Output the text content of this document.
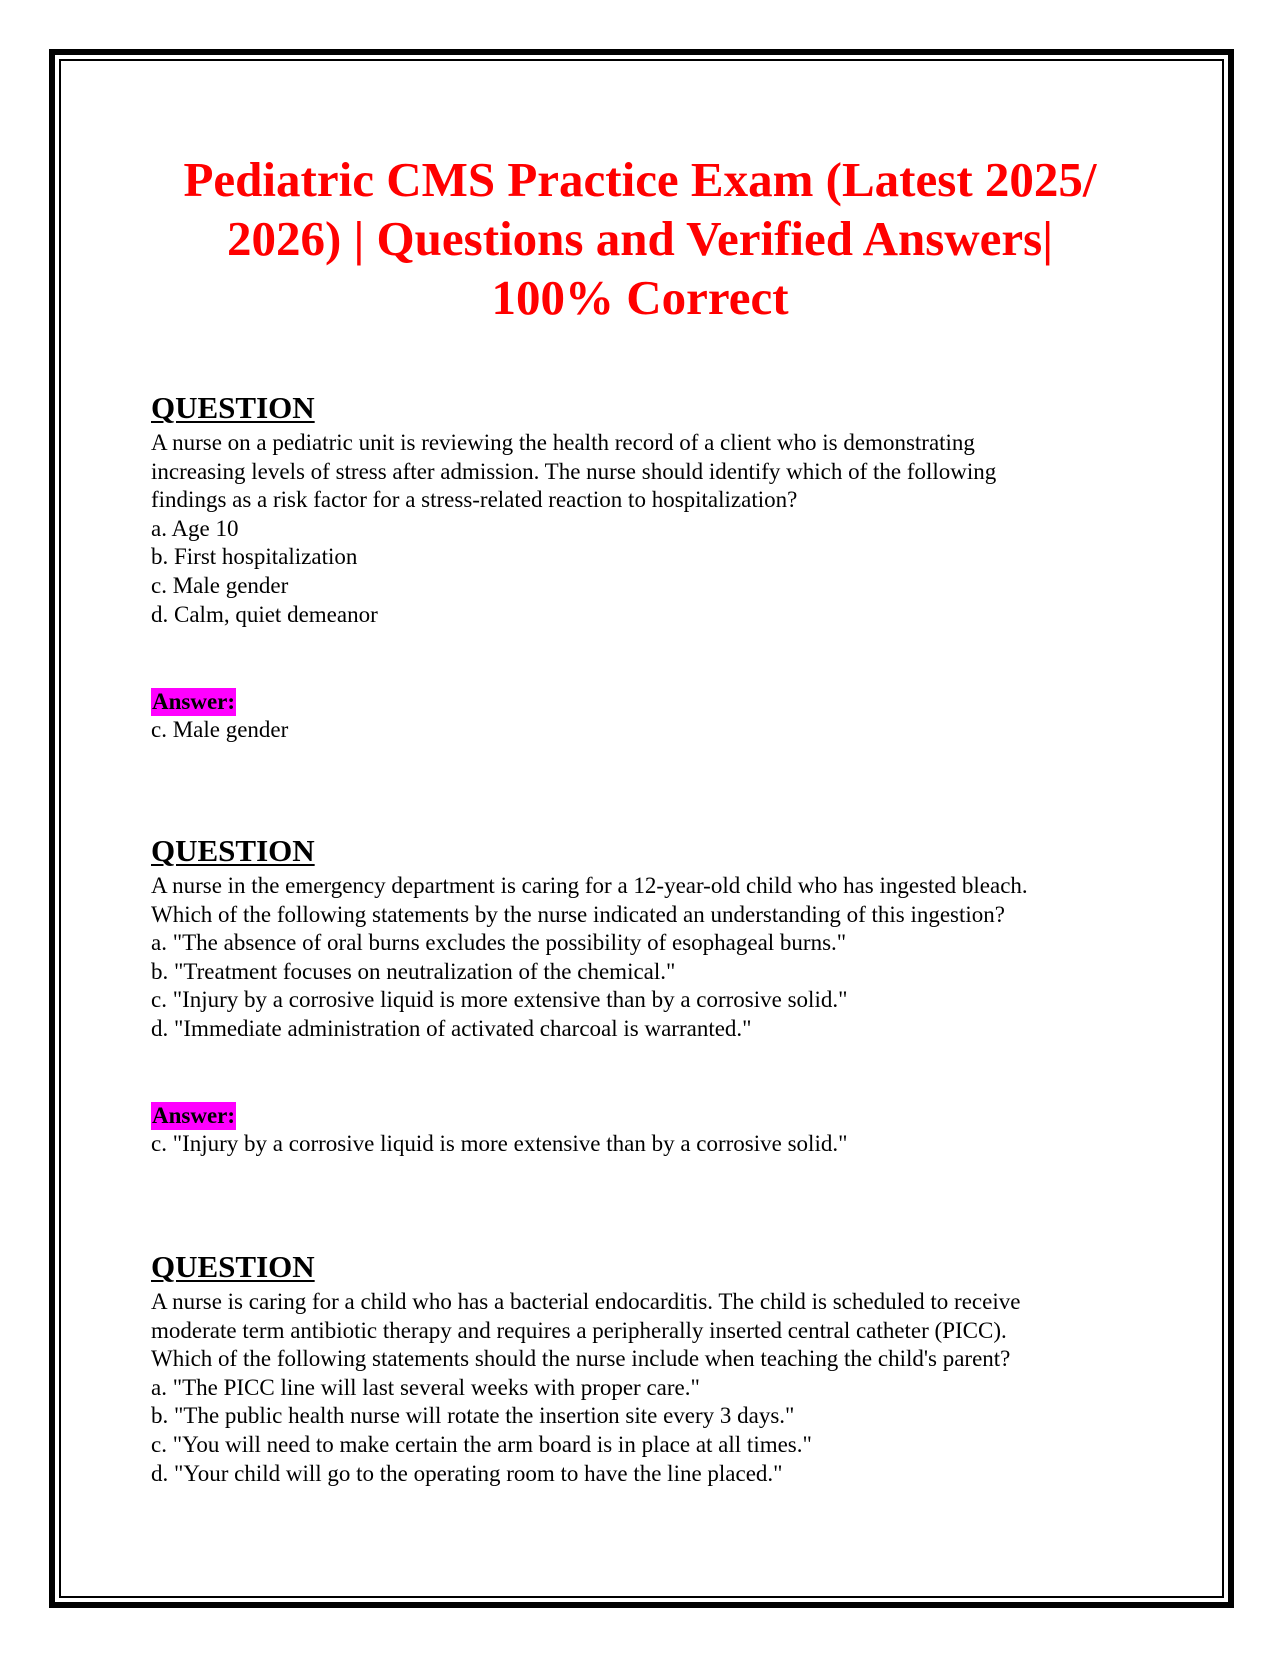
Pediatric CMS Practice Exam (Latest 2025/
2026) | Questions and Verified Answers|
100% Correct
QUESTION
A nurse on a pediatric unit is reviewing the health record of a client who is demonstrating
increasing levels of stress after admission. The nurse should identify which of the following
findings as a risk factor for a stress-related reaction to hospitalization?
a. Age 10
b. First hospitalization
c. Male gender
d. Calm, quiet demeanor
Answer:
c. Male gender
QUESTION
A nurse in the emergency department is caring for a 12-year-old child who has ingested bleach.
Which of the following statements by the nurse indicated an understanding of this ingestion?
a. "The absence of oral burns excludes the possibility of esophageal burns."
b. "Treatment focuses on neutralization of the chemical."
c. "Injury by a corrosive liquid is more extensive than by a corrosive solid."
d. "Immediate administration of activated charcoal is warranted."
Answer:
c. "Injury by a corrosive liquid is more extensive than by a corrosive solid."
QUESTION
A nurse is caring for a child who has a bacterial endocarditis. The child is scheduled to receive
moderate term antibiotic therapy and requires a peripherally inserted central catheter (PICC).
Which of the following statements should the nurse include when teaching the child's parent?
a. "The PICC line will last several weeks with proper care."
b. "The public health nurse will rotate the insertion site every 3 days."
c. "You will need to make certain the arm board is in place at all times."
d. "Your child will go to the operating room to have the line placed."
